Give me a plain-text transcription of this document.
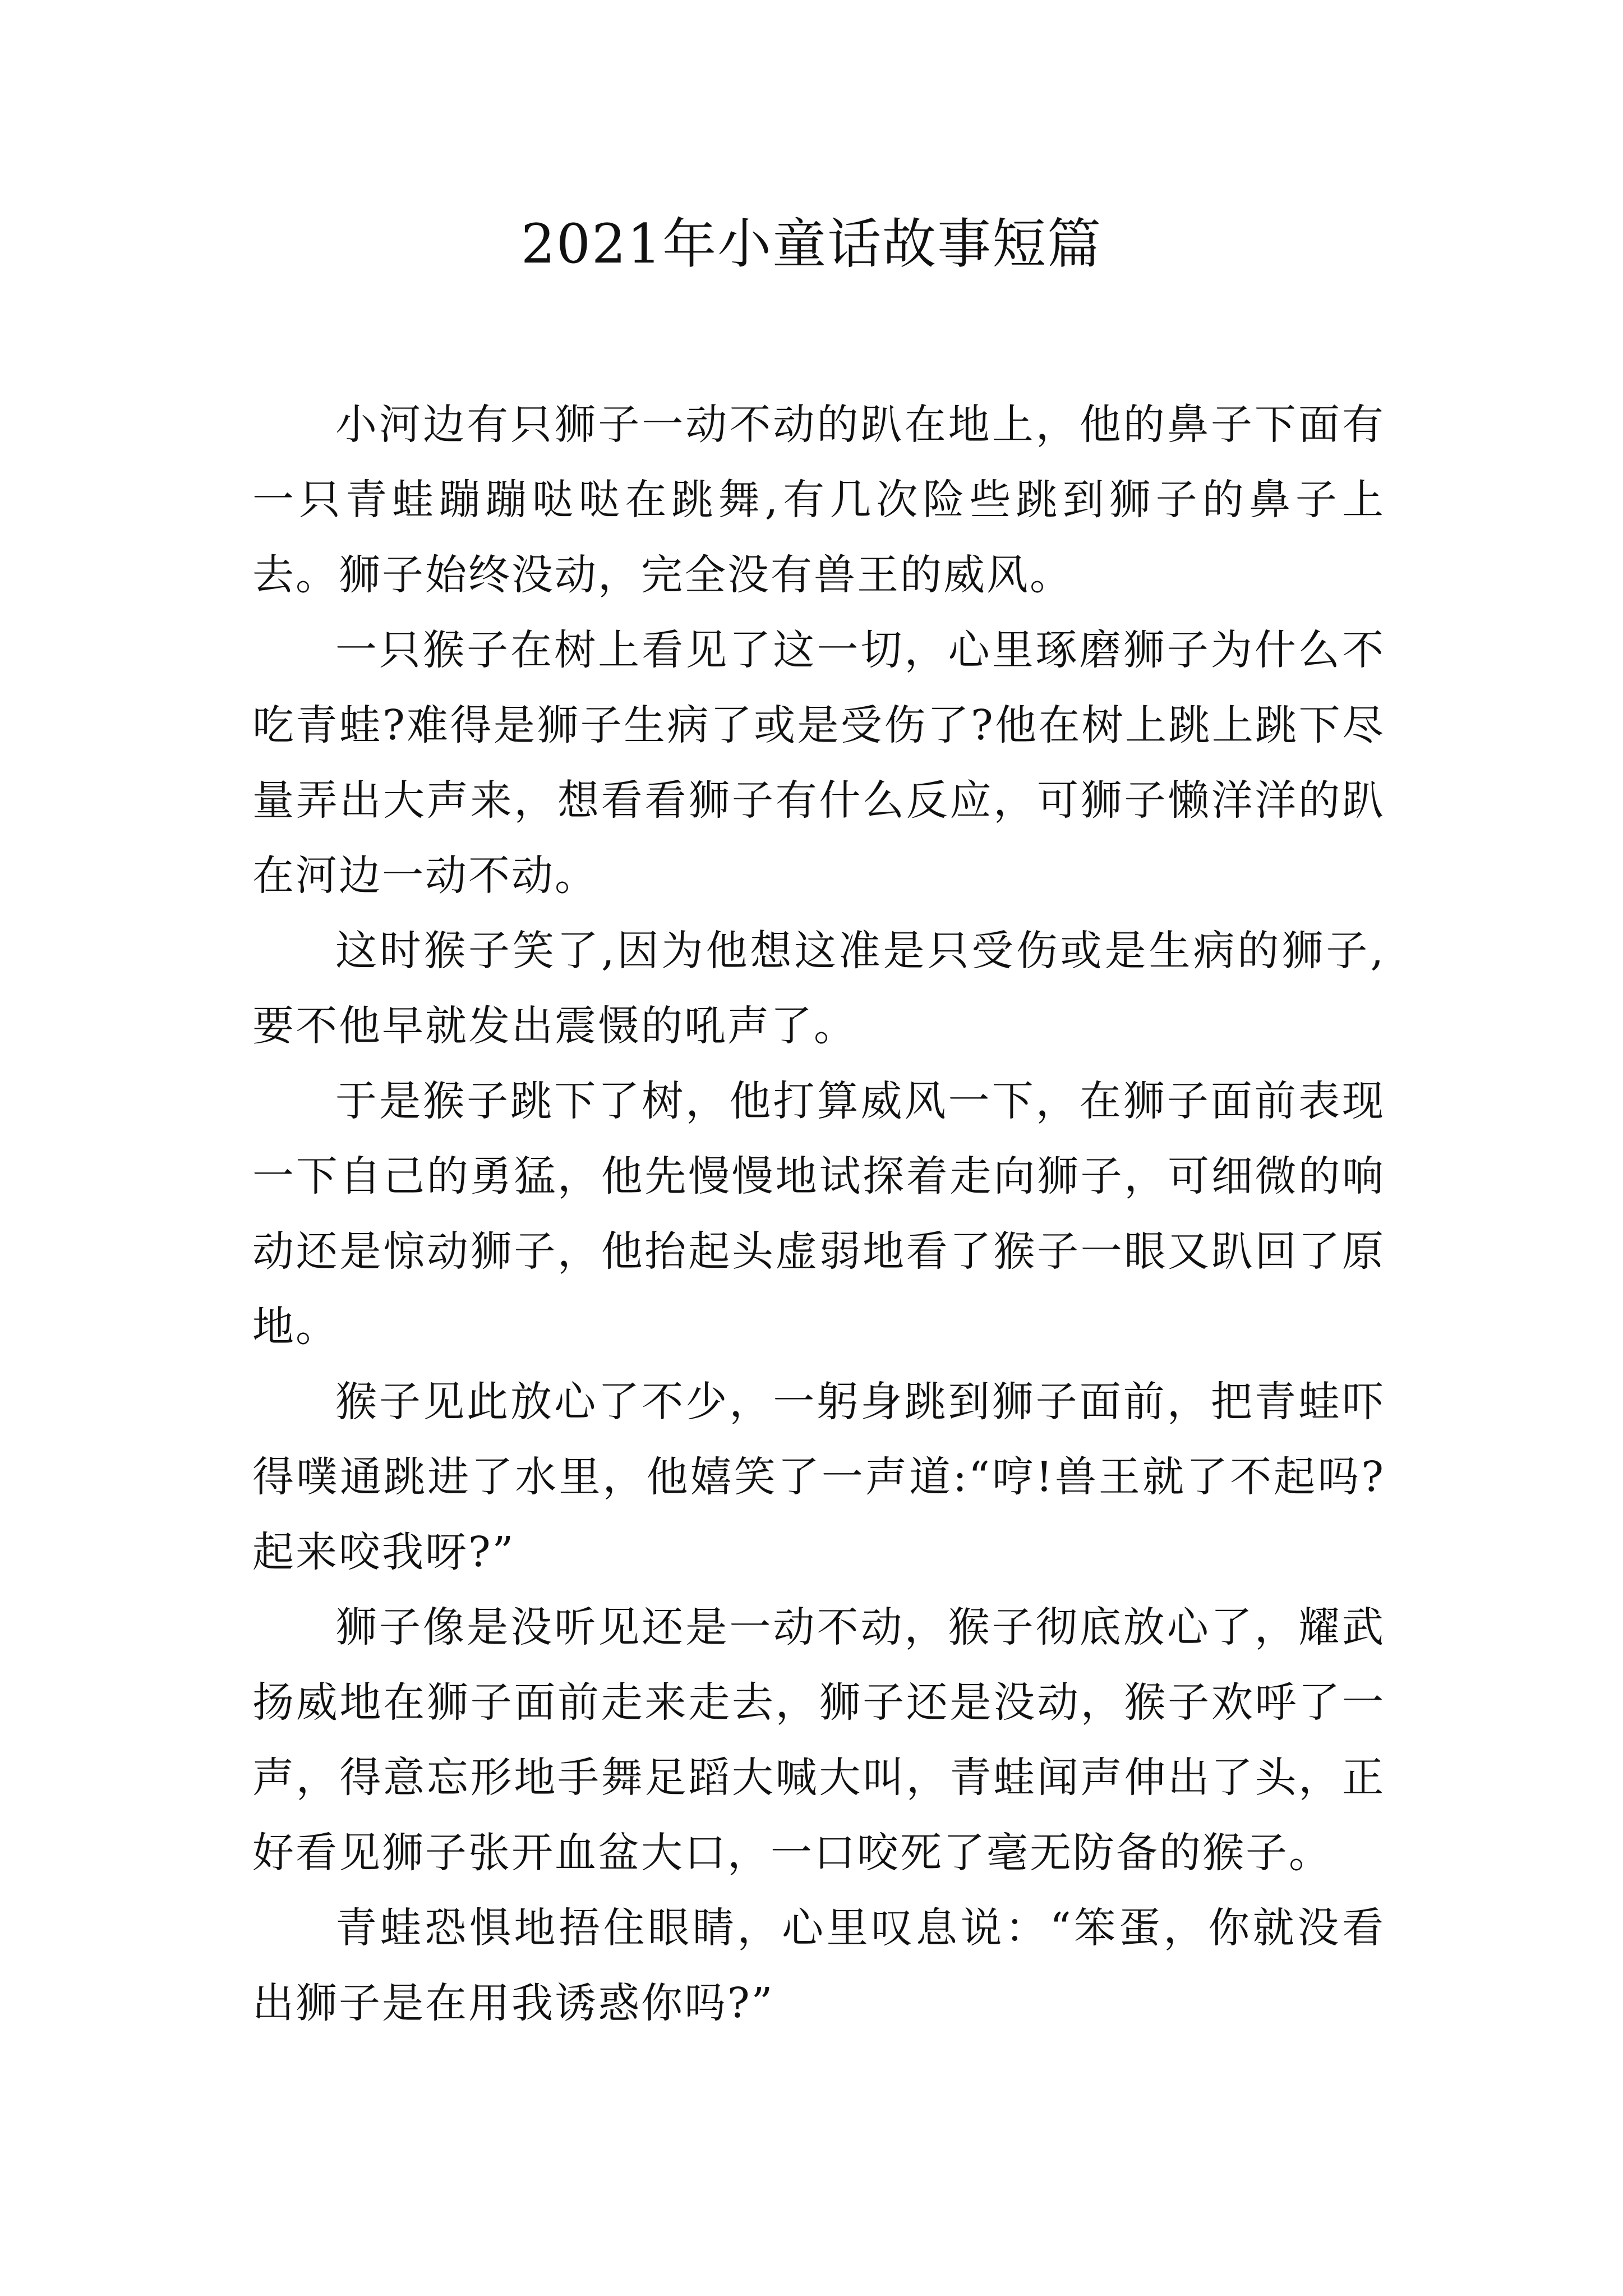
2021年小童话故事短篇

小河边有只狮子一动不动的趴在地上，他的鼻子下面有一只青蛙蹦蹦哒哒在跳舞,有几次险些跳到狮子的鼻子上去。狮子始终没动，完全没有兽王的威风。

一只猴子在树上看见了这一切，心里琢磨狮子为什么不吃青蛙?难得是狮子生病了或是受伤了?他在树上跳上跳下尽量弄出大声来，想看看狮子有什么反应，可狮子懒洋洋的趴在河边一动不动。

这时猴子笑了,因为他想这准是只受伤或是生病的狮子,要不他早就发出震慑的吼声了。

于是猴子跳下了树，他打算威风一下，在狮子面前表现一下自己的勇猛，他先慢慢地试探着走向狮子，可细微的响动还是惊动狮子，他抬起头虚弱地看了猴子一眼又趴回了原地。

猴子见此放心了不少，一躬身跳到狮子面前，把青蛙吓得噗通跳进了水里，他嬉笑了一声道:“哼!兽王就了不起吗?起来咬我呀?”

狮子像是没听见还是一动不动，猴子彻底放心了，耀武扬威地在狮子面前走来走去，狮子还是没动，猴子欢呼了一声，得意忘形地手舞足蹈大喊大叫，青蛙闻声伸出了头，正好看见狮子张开血盆大口，一口咬死了毫无防备的猴子。

青蛙恐惧地捂住眼睛，心里叹息说：“笨蛋，你就没看出狮子是在用我诱惑你吗?”
